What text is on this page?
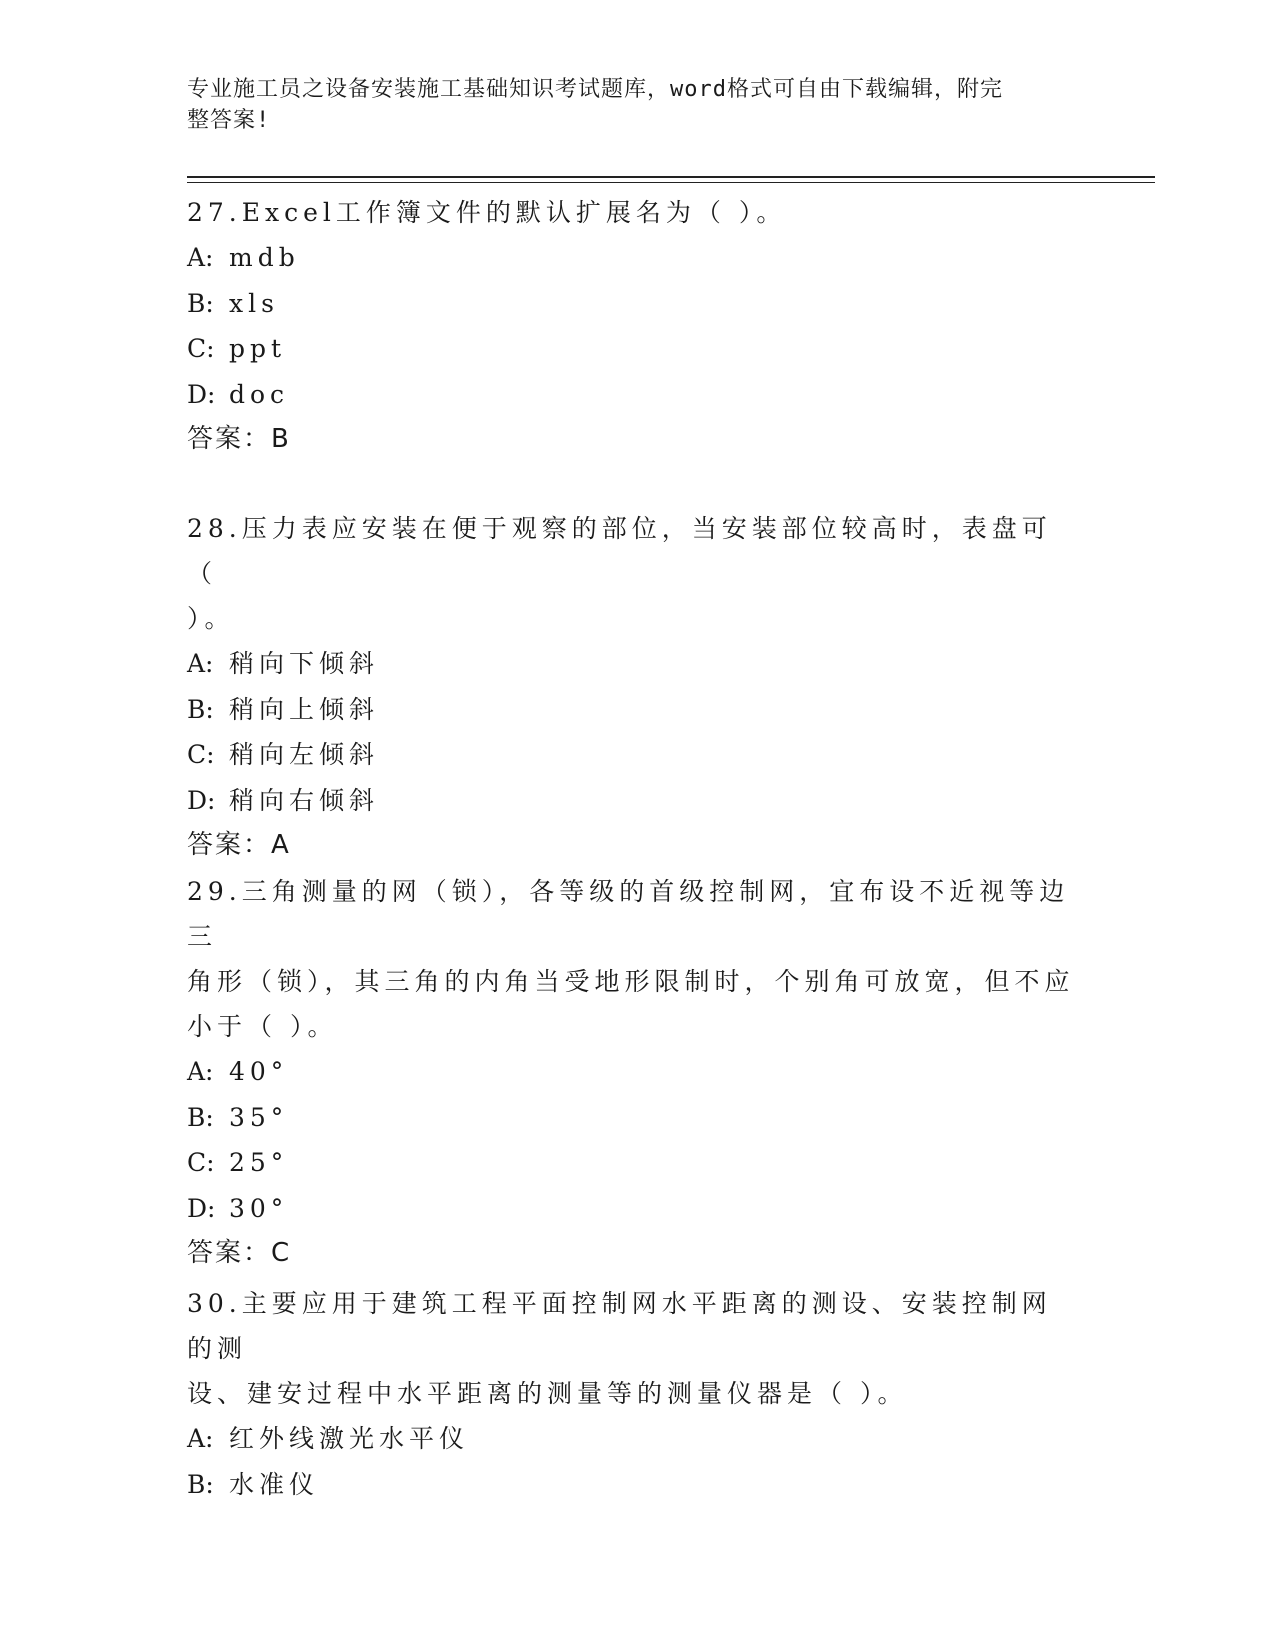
专业施工员之设备安装施工基础知识考试题库，word格式可自由下载编辑，附完
整答案!
27.Excel工作簿文件的默认扩展名为（ ）。
A: mdb
B: xls
C: ppt
D: doc
答案：B
28.压力表应安装在便于观察的部位，当安装部位较高时，表盘可（
）。
A: 稍向下倾斜
B: 稍向上倾斜
C: 稍向左倾斜
D: 稍向右倾斜
答案：A
29.三角测量的网（锁），各等级的首级控制网，宜布设不近视等边三
角形（锁），其三角的内角当受地形限制时，个别角可放宽，但不应
小于（ ）。
A: 40°
B: 35°
C: 25°
D: 30°
答案：C
30.主要应用于建筑工程平面控制网水平距离的测设、安装控制网的测
设、建安过程中水平距离的测量等的测量仪器是（ ）。
A: 红外线激光水平仪
B: 水准仪
